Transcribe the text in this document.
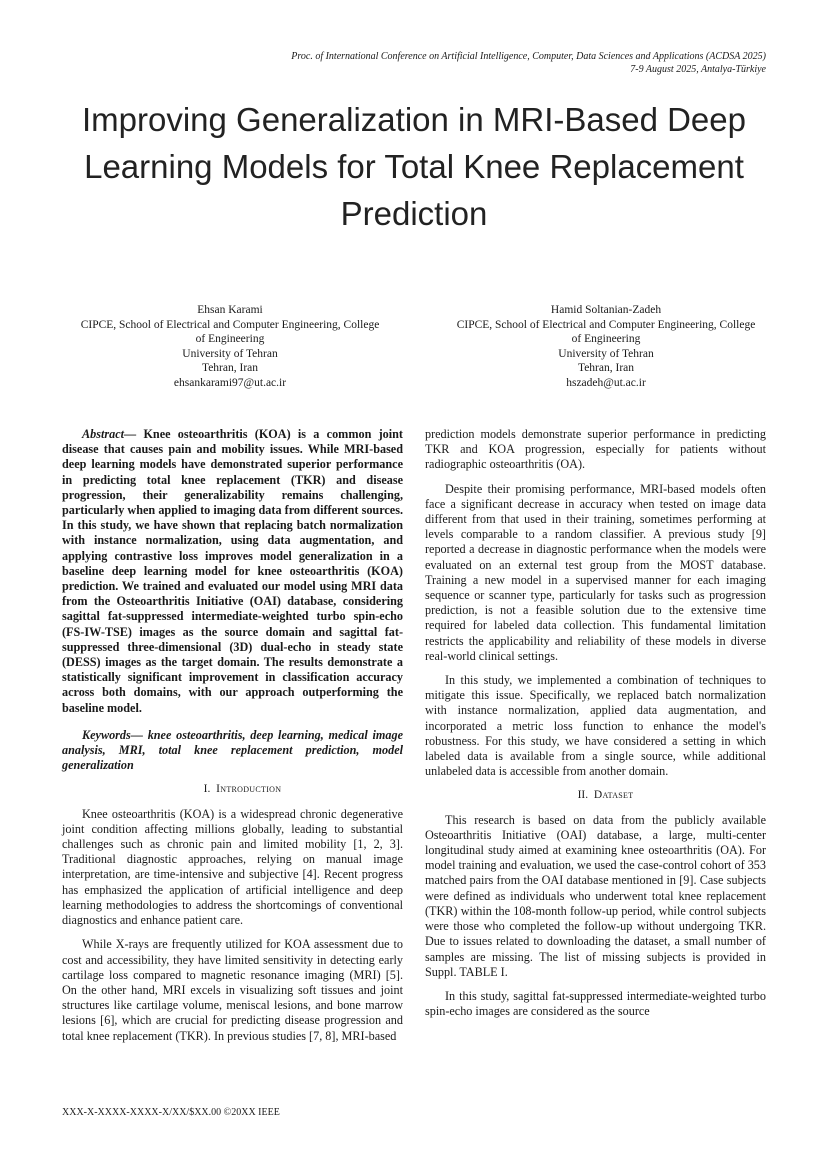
Proc. of International Conference on Artificial Intelligence, Computer, Data Sciences and Applications (ACDSA 2025)
7-9 August 2025, Antalya-Türkiye
Improving Generalization in MRI-Based Deep Learning Models for Total Knee Replacement Prediction
Ehsan Karami
CIPCE, School of Electrical and Computer Engineering, College
of Engineering
University of Tehran
Tehran, Iran
ehsankarami97@ut.ac.ir
Hamid Soltanian-Zadeh
CIPCE, School of Electrical and Computer Engineering, College
of Engineering
University of Tehran
Tehran, Iran
hszadeh@ut.ac.ir

Abstract— Knee osteoarthritis (KOA) is a common joint disease that causes pain and mobility issues. While MRI-based deep learning models have demonstrated superior performance in predicting total knee replacement (TKR) and disease progression, their generalizability remains challenging, particularly when applied to imaging data from different sources. In this study, we have shown that replacing batch normalization with instance normalization, using data augmentation, and applying contrastive loss improves model generalization in a baseline deep learning model for knee osteoarthritis (KOA) prediction. We trained and evaluated our model using MRI data from the Osteoarthritis Initiative (OAI) database, considering sagittal fat-suppressed intermediate-weighted turbo spin-echo (FS-IW-TSE) images as the source domain and sagittal fat-suppressed three-dimensional (3D) dual-echo in steady state (DESS) images as the target domain. The results demonstrate a statistically significant improvement in classification accuracy across both domains, with our approach outperforming the baseline model.

Keywords— knee osteoarthritis, deep learning, medical image analysis, MRI, total knee replacement prediction, model generalization

I. Introduction

Knee osteoarthritis (KOA) is a widespread chronic degenerative joint condition affecting millions globally, leading to substantial challenges such as chronic pain and limited mobility [1, 2, 3]. Traditional diagnostic approaches, relying on manual image interpretation, are time-intensive and subjective [4]. Recent progress has emphasized the application of artificial intelligence and deep learning methodologies to address the shortcomings of conventional diagnostics and enhance patient care.

While X-rays are frequently utilized for KOA assessment due to cost and accessibility, they have limited sensitivity in detecting early cartilage loss compared to magnetic resonance imaging (MRI) [5]. On the other hand, MRI excels in visualizing soft tissues and joint structures like cartilage volume, meniscal lesions, and bone marrow lesions [6], which are crucial for predicting disease progression and total knee replacement (TKR). In previous studies [7, 8], MRI-based

prediction models demonstrate superior performance in predicting TKR and KOA progression, especially for patients without radiographic osteoarthritis (OA).

Despite their promising performance, MRI-based models often face a significant decrease in accuracy when tested on image data different from that used in their training, sometimes performing at levels comparable to a random classifier. A previous study [9] reported a decrease in diagnostic performance when the models were evaluated on an external test group from the MOST database. Training a new model in a supervised manner for each imaging sequence or scanner type, particularly for tasks such as progression prediction, is not a feasible solution due to the extensive time required for labeled data collection. This fundamental limitation restricts the applicability and reliability of these models in diverse real-world clinical settings.

In this study, we implemented a combination of techniques to mitigate this issue. Specifically, we replaced batch normalization with instance normalization, applied data augmentation, and incorporated a metric loss function to enhance the model's robustness. For this study, we have considered a setting in which labeled data is available from a single source, while additional unlabeled data is accessible from another domain.

II. Dataset

This research is based on data from the publicly available Osteoarthritis Initiative (OAI) database, a large, multi-center longitudinal study aimed at examining knee osteoarthritis (OA). For model training and evaluation, we used the case-control cohort of 353 matched pairs from the OAI database mentioned in [9]. Case subjects were defined as individuals who underwent total knee replacement (TKR) within the 108-month follow-up period, while control subjects were those who completed the follow-up without undergoing TKR. Due to issues related to downloading the dataset, a small number of samples are missing. The list of missing subjects is provided in Suppl. TABLE I.

In this study, sagittal fat-suppressed intermediate-weighted turbo spin-echo images are considered as the source

XXX-X-XXXX-XXXX-X/XX/$XX.00 ©20XX IEEE
